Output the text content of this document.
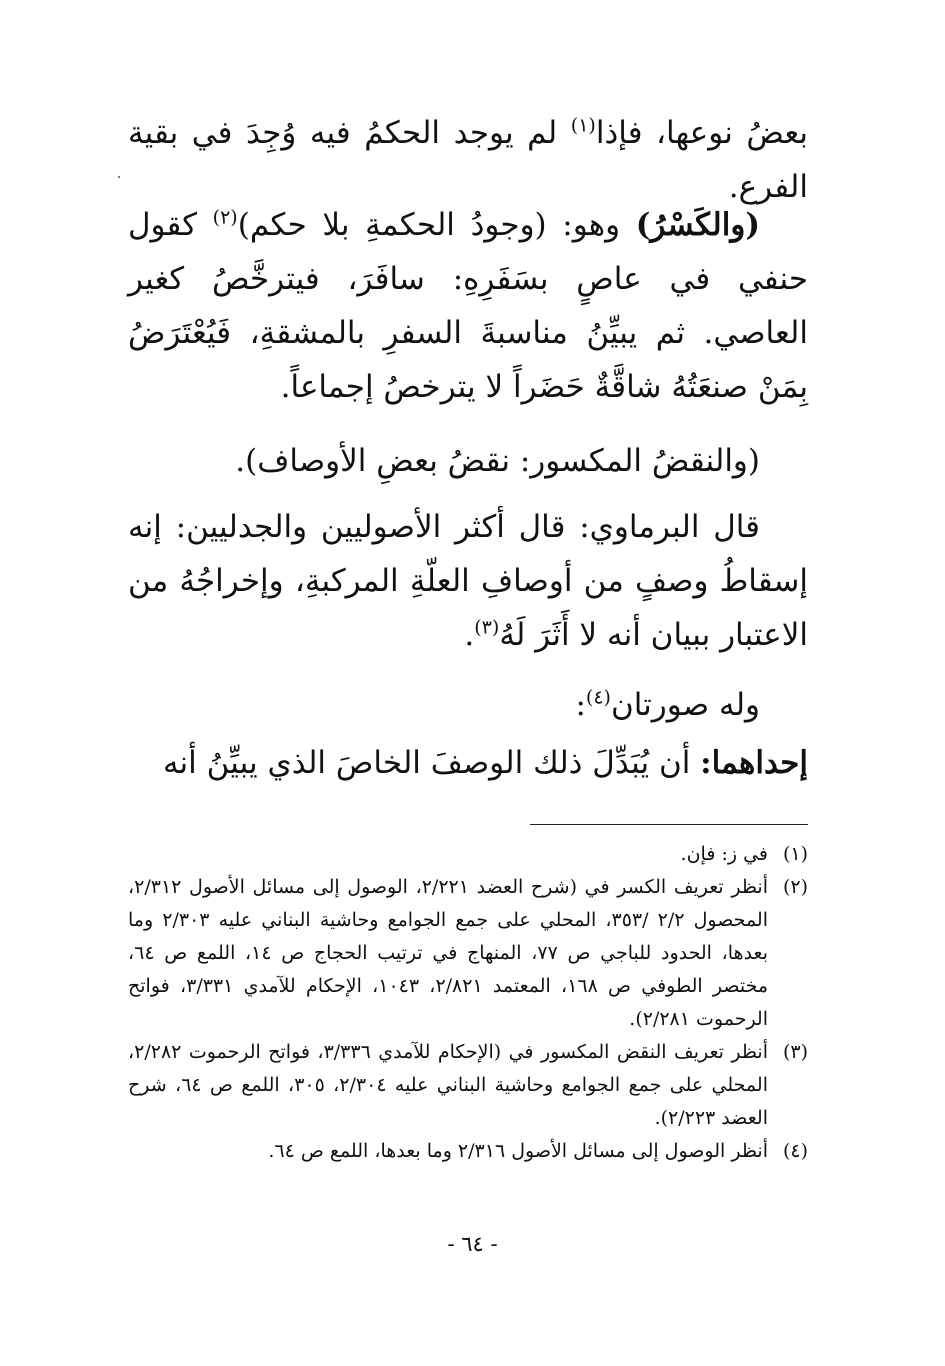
بعضُ نوعها، فإذا$^{(١)}$ لم يوجد الحكمُ فيه وُجِدَ في بقية الفرع.
(والكَسْرُ) وهو: (وجودُ الحكمةِ بلا حكم)$^{(٢)}$ كقول حنفي في عاصٍ بسَفَرِهِ: سافَرَ، فيترخَّصُ كغير العاصي. ثم يبيِّنُ مناسبةَ السفرِ بالمشقةِ، فَيُعْتَرَضُ بِمَنْ صنعَتُهُ شاقَّةٌ حَضَراً لا يترخصُ إجماعاً.
(والنقضُ المكسور: نقضُ بعضِ الأوصاف).
قال البرماوي: قال أكثر الأصوليين والجدليين: إنه إسقاطُ وصفٍ من أوصافِ العلّةِ المركبةِ، وإخراجُهُ من الاعتبار ببيان أنه لا أَثَرَ لَهُ$^{(٣)}$.
وله صورتان$^{(٤)}$:
إحداهما: أن يُبَدِّلَ ذلك الوصفَ الخاصَ الذي يبيِّنُ أنه
(١)
في ز: فإن.
(٢)
أنظر تعريف الكسر في (شرح العضد ٢/٢٢١، الوصول إلى مسائل الأصول ٢/٣١٢، المحصول ٢/٢ /٣٥٣، المحلي على جمع الجوامع وحاشية البناني عليه ٢/٣٠٣ وما بعدها، الحدود للباجي ص ٧٧، المنهاج في ترتيب الحجاج ص ١٤، اللمع ص ٦٤، مختصر الطوفي ص ١٦٨، المعتمد ٢/٨٢١، ١٠٤٣، الإحكام للآمدي ٣/٣٣١، فواتح الرحموت ٢/٢٨١).
(٣)
أنظر تعريف النقض المكسور في (الإحكام للآمدي ٣/٣٣٦، فواتح الرحموت ٢/٢٨٢، المحلي على جمع الجوامع وحاشية البناني عليه ٢/٣٠٤، ٣٠٥، اللمع ص ٦٤، شرح العضد ٢/٢٢٣).
(٤)
أنظر الوصول إلى مسائل الأصول ٢/٣١٦ وما بعدها، اللمع ص ٦٤.
- ٦٤ -
